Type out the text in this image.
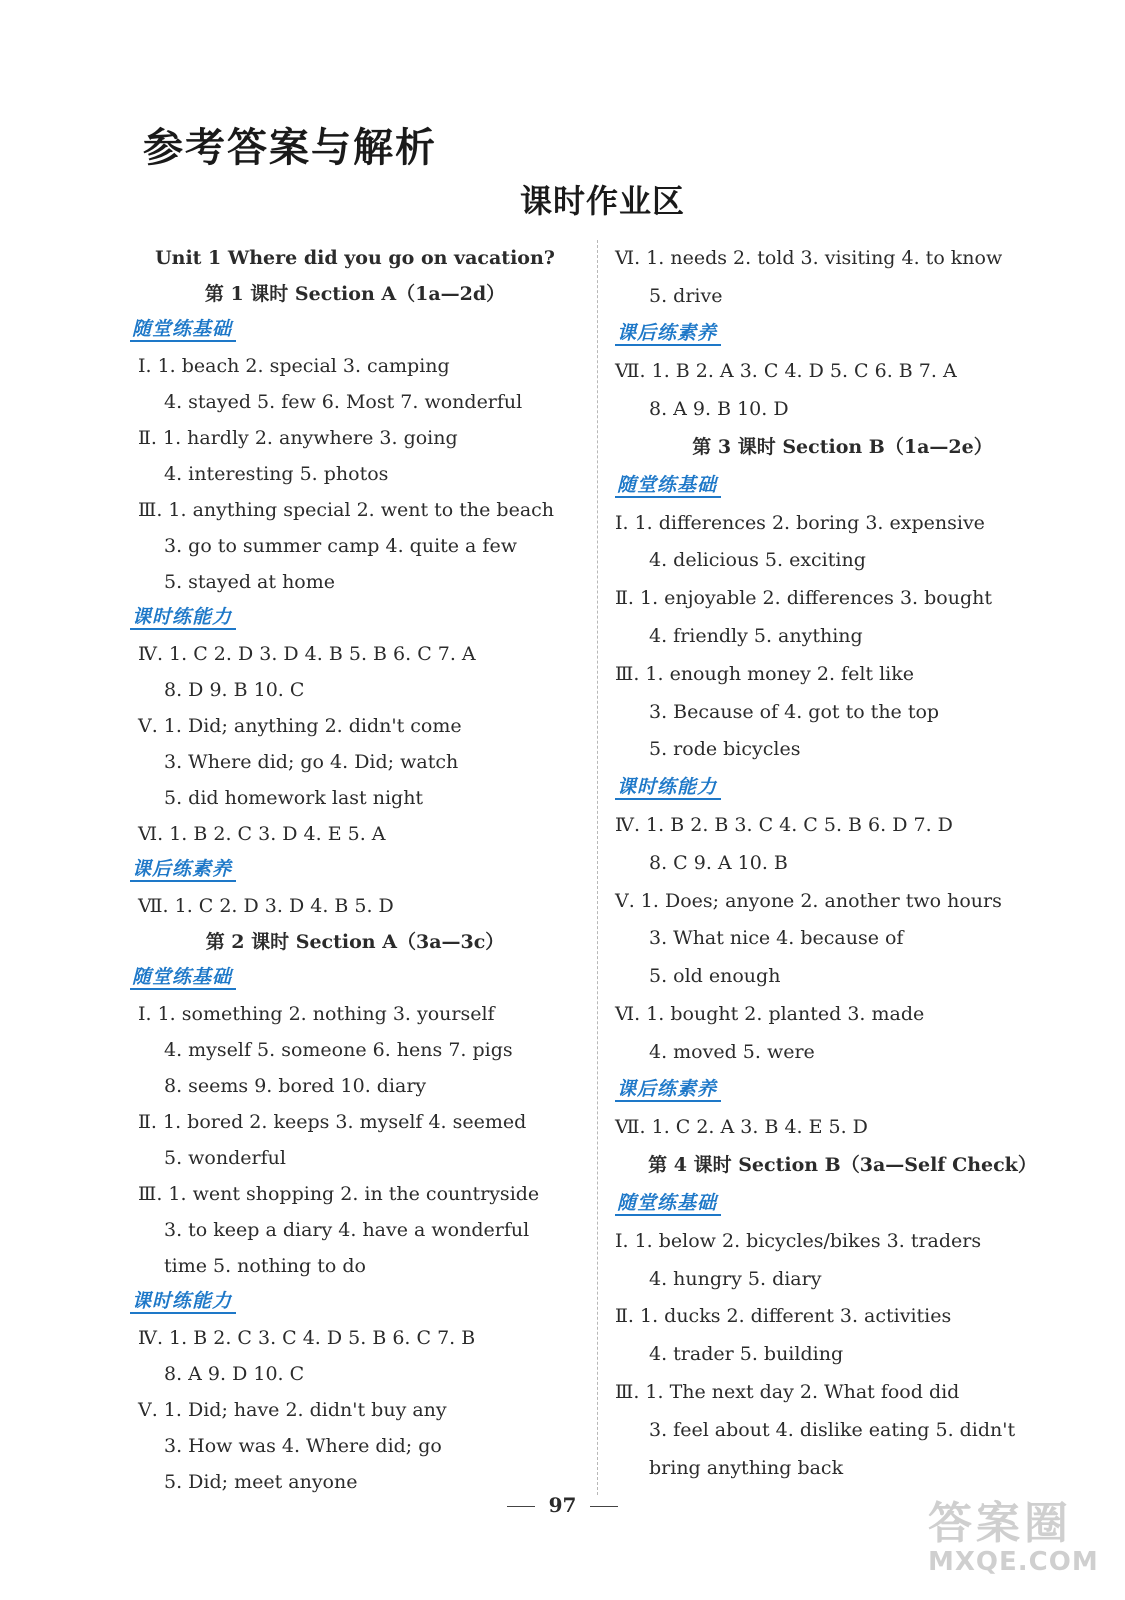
参考答案与解析
课时作业区
Unit 1 Where did you go on vacation?
第 1 课时 Section A（1a—2d）
随堂练基础
Ⅰ. 1. beach 2. special 3. camping
4. stayed 5. few 6. Most 7. wonderful
Ⅱ. 1. hardly 2. anywhere 3. going
4. interesting 5. photos
Ⅲ. 1. anything special 2. went to the beach
3. go to summer camp 4. quite a few
5. stayed at home
课时练能力
Ⅳ. 1. C 2. D 3. D 4. B 5. B 6. C 7. A
8. D 9. B 10. C
Ⅴ. 1. Did; anything 2. didn't come
3. Where did; go 4. Did; watch
5. did homework last night
Ⅵ. 1. B 2. C 3. D 4. E 5. A
课后练素养
Ⅶ. 1. C 2. D 3. D 4. B 5. D
第 2 课时 Section A（3a—3c）
随堂练基础
Ⅰ. 1. something 2. nothing 3. yourself
4. myself 5. someone 6. hens 7. pigs
8. seems 9. bored 10. diary
Ⅱ. 1. bored 2. keeps 3. myself 4. seemed
5. wonderful
Ⅲ. 1. went shopping 2. in the countryside
3. to keep a diary 4. have a wonderful
time 5. nothing to do
课时练能力
Ⅳ. 1. B 2. C 3. C 4. D 5. B 6. C 7. B
8. A 9. D 10. C
Ⅴ. 1. Did; have 2. didn't buy any
3. How was 4. Where did; go
5. Did; meet anyone
Ⅵ. 1. needs 2. told 3. visiting 4. to know
5. drive
课后练素养
Ⅶ. 1. B 2. A 3. C 4. D 5. C 6. B 7. A
8. A 9. B 10. D
第 3 课时 Section B（1a—2e）
随堂练基础
Ⅰ. 1. differences 2. boring 3. expensive
4. delicious 5. exciting
Ⅱ. 1. enjoyable 2. differences 3. bought
4. friendly 5. anything
Ⅲ. 1. enough money 2. felt like
3. Because of 4. got to the top
5. rode bicycles
课时练能力
Ⅳ. 1. B 2. B 3. C 4. C 5. B 6. D 7. D
8. C 9. A 10. B
Ⅴ. 1. Does; anyone 2. another two hours
3. What nice 4. because of
5. old enough
Ⅵ. 1. bought 2. planted 3. made
4. moved 5. were
课后练素养
Ⅶ. 1. C 2. A 3. B 4. E 5. D
第 4 课时 Section B（3a—Self Check）
随堂练基础
Ⅰ. 1. below 2. bicycles/bikes 3. traders
4. hungry 5. diary
Ⅱ. 1. ducks 2. different 3. activities
4. trader 5. building
Ⅲ. 1. The next day 2. What food did
3. feel about 4. dislike eating 5. didn't
bring anything back
97	答案圈
MXQE.COM
